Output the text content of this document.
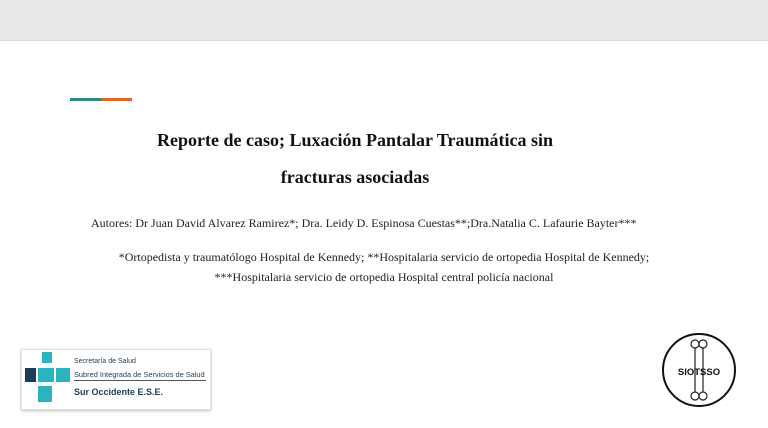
Reporte de caso; Luxación Pantalar Traumática sin
fracturas asociadas
Autores: Dr Juan David Alvarez Ramirez*; Dra. Leidy D. Espinosa Cuestas**;Dra.Natalia C. Lafaurie Bayter***
*Ortopedista y traumatólogo Hospital de Kennedy; **Hospitalaria servicio de ortopedia Hospital de Kennedy;
***Hospitalaria servicio de ortopedia Hospital central policía nacional
Secretaría de Salud
Subred Integrada de Servicios de Salud
Sur Occidente E.S.E.
SIOTSSO
